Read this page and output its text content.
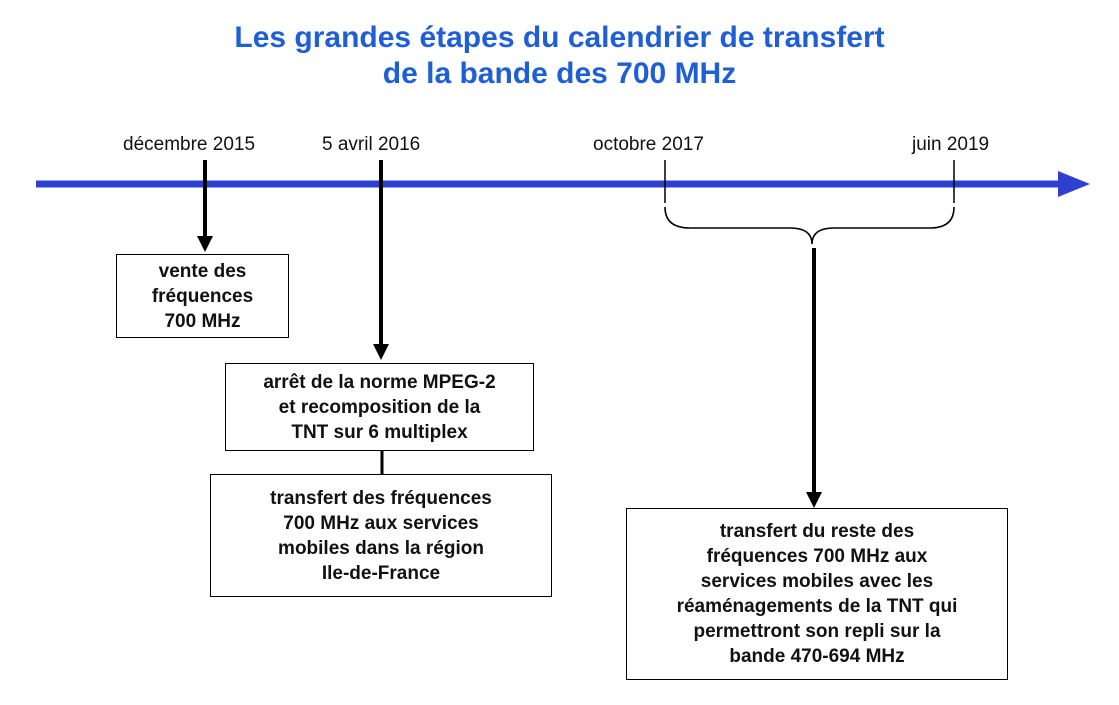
Les grandes étapes du calendrier de transfert
de la bande des 700 MHz
décembre 2015	5 avril 2016	octobre 2017	juin 2019
vente des
fréquences
700 MHz
arrêt de la norme MPEG-2
et recomposition de la
TNT sur 6 multiplex
transfert des fréquences
700 MHz aux services
mobiles dans la région
Ile-de-France
transfert du reste des
fréquences 700 MHz aux
services mobiles avec les
réaménagements de la TNT qui
permettront son repli sur la
bande 470-694 MHz
